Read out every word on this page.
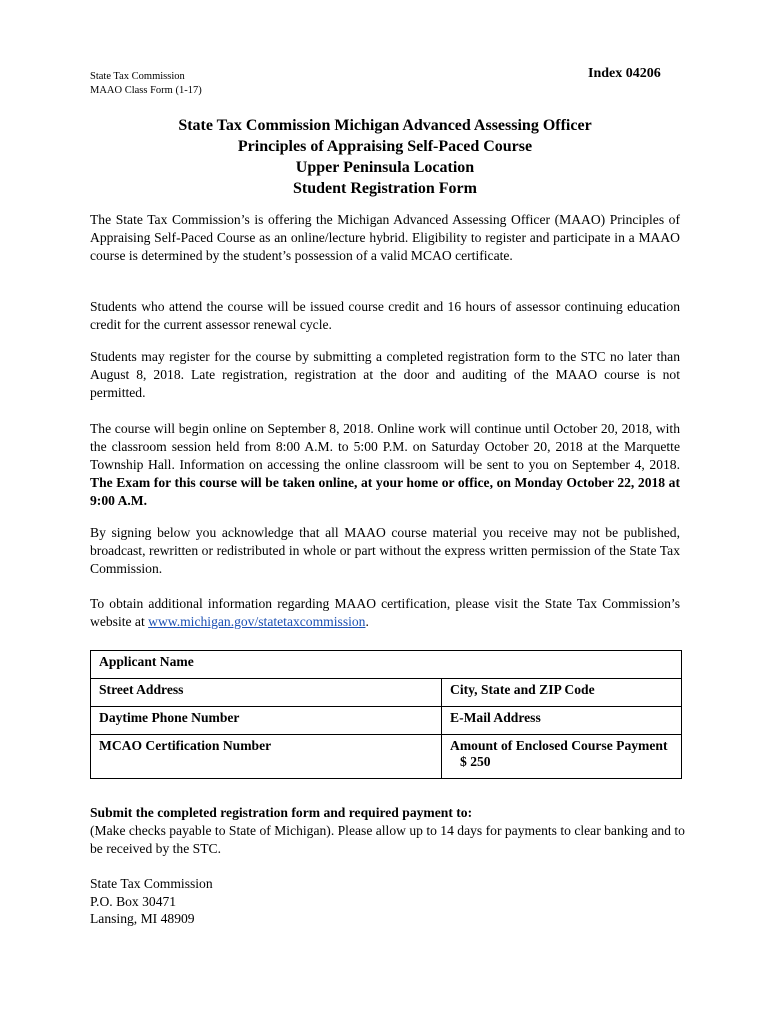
State Tax Commission
MAAO Class Form (1-17)
Index 04206
State Tax Commission Michigan Advanced Assessing Officer
Principles of Appraising Self-Paced Course
Upper Peninsula Location
Student Registration Form

The State Tax Commission’s is offering the Michigan Advanced Assessing Officer (MAAO) Principles of Appraising Self-Paced Course as an online/lecture hybrid. Eligibility to register and participate in a MAAO course is determined by the student’s possession of a valid MCAO certificate.

Students who attend the course will be issued course credit and 16 hours of assessor continuing education credit for the current assessor renewal cycle.

Students may register for the course by submitting a completed registration form to the STC no later than August 8, 2018. Late registration, registration at the door and auditing of the MAAO course is not permitted.

The course will begin online on September 8, 2018. Online work will continue until October 20, 2018, with the classroom session held from 8:00 A.M. to 5:00 P.M. on Saturday October 20, 2018 at the Marquette Township Hall. Information on accessing the online classroom will be sent to you on September 4, 2018. The Exam for this course will be taken online, at your home or office, on Monday October 22, 2018 at 9:00 A.M.

By signing below you acknowledge that all MAAO course material you receive may not be published, broadcast, rewritten or redistributed in whole or part without the express written permission of the State Tax Commission.

To obtain additional information regarding MAAO certification, please visit the State Tax Commission’s website at www.michigan.gov/statetaxcommission.

Applicant Name	
Street Address	City, State and ZIP Code
Daytime Phone Number	E-Mail Address
MCAO Certification Number	Amount of Enclosed Course Payment
$ 250
Submit the completed registration form and required payment to:
(Make checks payable to State of Michigan). Please allow up to 14 days for payments to clear banking and to be received by the STC.
State Tax Commission
P.O. Box 30471
Lansing, MI 48909
